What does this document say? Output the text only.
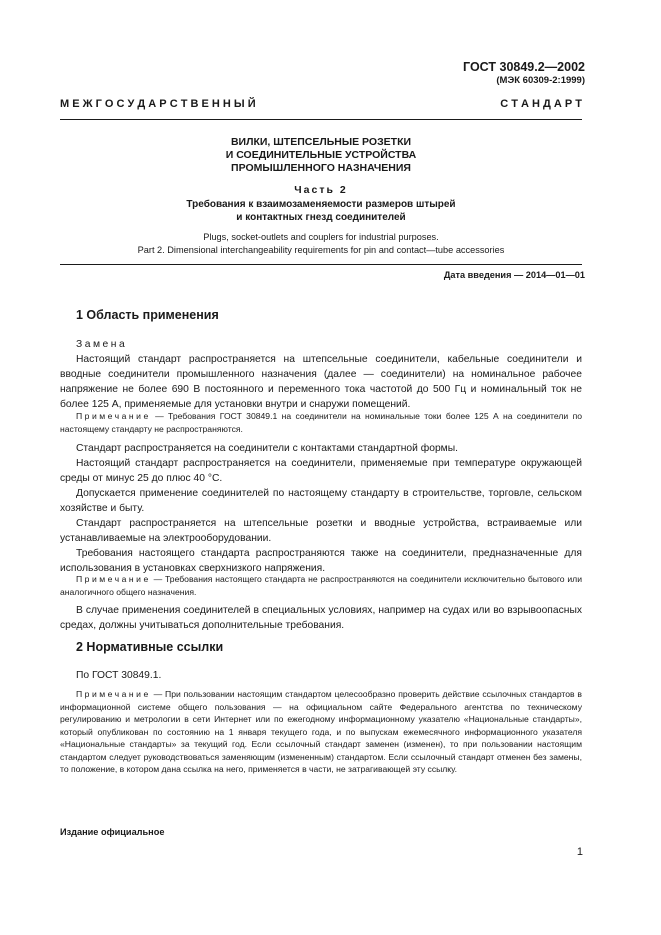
ГОСТ 30849.2—2002
(МЭК 60309-2:1999)
М Е Ж Г О С У Д А Р С Т В Е Н Н Ы Й	С Т А Н Д А Р Т
ВИЛКИ, ШТЕПСЕЛЬНЫЕ РОЗЕТКИ
И СОЕДИНИТЕЛЬНЫЕ УСТРОЙСТВА
ПРОМЫШЛЕННОГО НАЗНАЧЕНИЯ
Часть 2
Требования к взаимозаменяемости размеров штырей
и контактных гнезд соединителей
Plugs, socket-outlets and couplers for industrial purposes.
Part 2. Dimensional interchangeability requirements for pin and contact—tube accessories
Дата введения — 2014—01—01
1 Область применения

Замена

Настоящий стандарт распространяется на штепсельные соединители, кабельные соединители и вводные соединители промышленного назначения (далее — соединители) на номинальное рабочее напряжение не более 690 В постоянного и переменного тока частотой до 500 Гц и номинальный ток не более 125 А, применяемые для установки внутри и снаружи помещений.

Примечание — Требования ГОСТ 30849.1 на соединители на номинальные токи более 125 А на соединители по настоящему стандарту не распространяются.

Стандарт распространяется на соединители с контактами стандартной формы.

Настоящий стандарт распространяется на соединители, применяемые при температуре окружающей среды от минус 25 до плюс 40 °С.

Допускается применение соединителей по настоящему стандарту в строительстве, торговле, сельском хозяйстве и быту.

Стандарт распространяется на штепсельные розетки и вводные устройства, встраиваемые или устанавливаемые на электрооборудовании.

Требования настоящего стандарта распространяются также на соединители, предназначенные для использования в установках сверхнизкого напряжения.

Примечание — Требования настоящего стандарта не распространяются на соединители исключительно бытового или аналогичного общего назначения.

В случае применения соединителей в специальных условиях, например на судах или во взрывоопасных средах, должны учитываться дополнительные требования.

2 Нормативные ссылки

По ГОСТ 30849.1.

Примечание — При пользовании настоящим стандартом целесообразно проверить действие ссылочных стандартов в информационной системе общего пользования — на официальном сайте Федерального агентства по техническому регулированию и метрологии в сети Интернет или по ежегодному информационному указателю «Национальные стандарты», который опубликован по состоянию на 1 января текущего года, и по выпускам ежемесячного информационного указателя «Национальные стандарты» за текущий год. Если ссылочный стандарт заменен (изменен), то при пользовании настоящим стандартом следует руководствоваться заменяющим (измененным) стандартом. Если ссылочный стандарт отменен без замены, то положение, в котором дана ссылка на него, применяется в части, не затрагивающей эту ссылку.

Издание официальное
1
